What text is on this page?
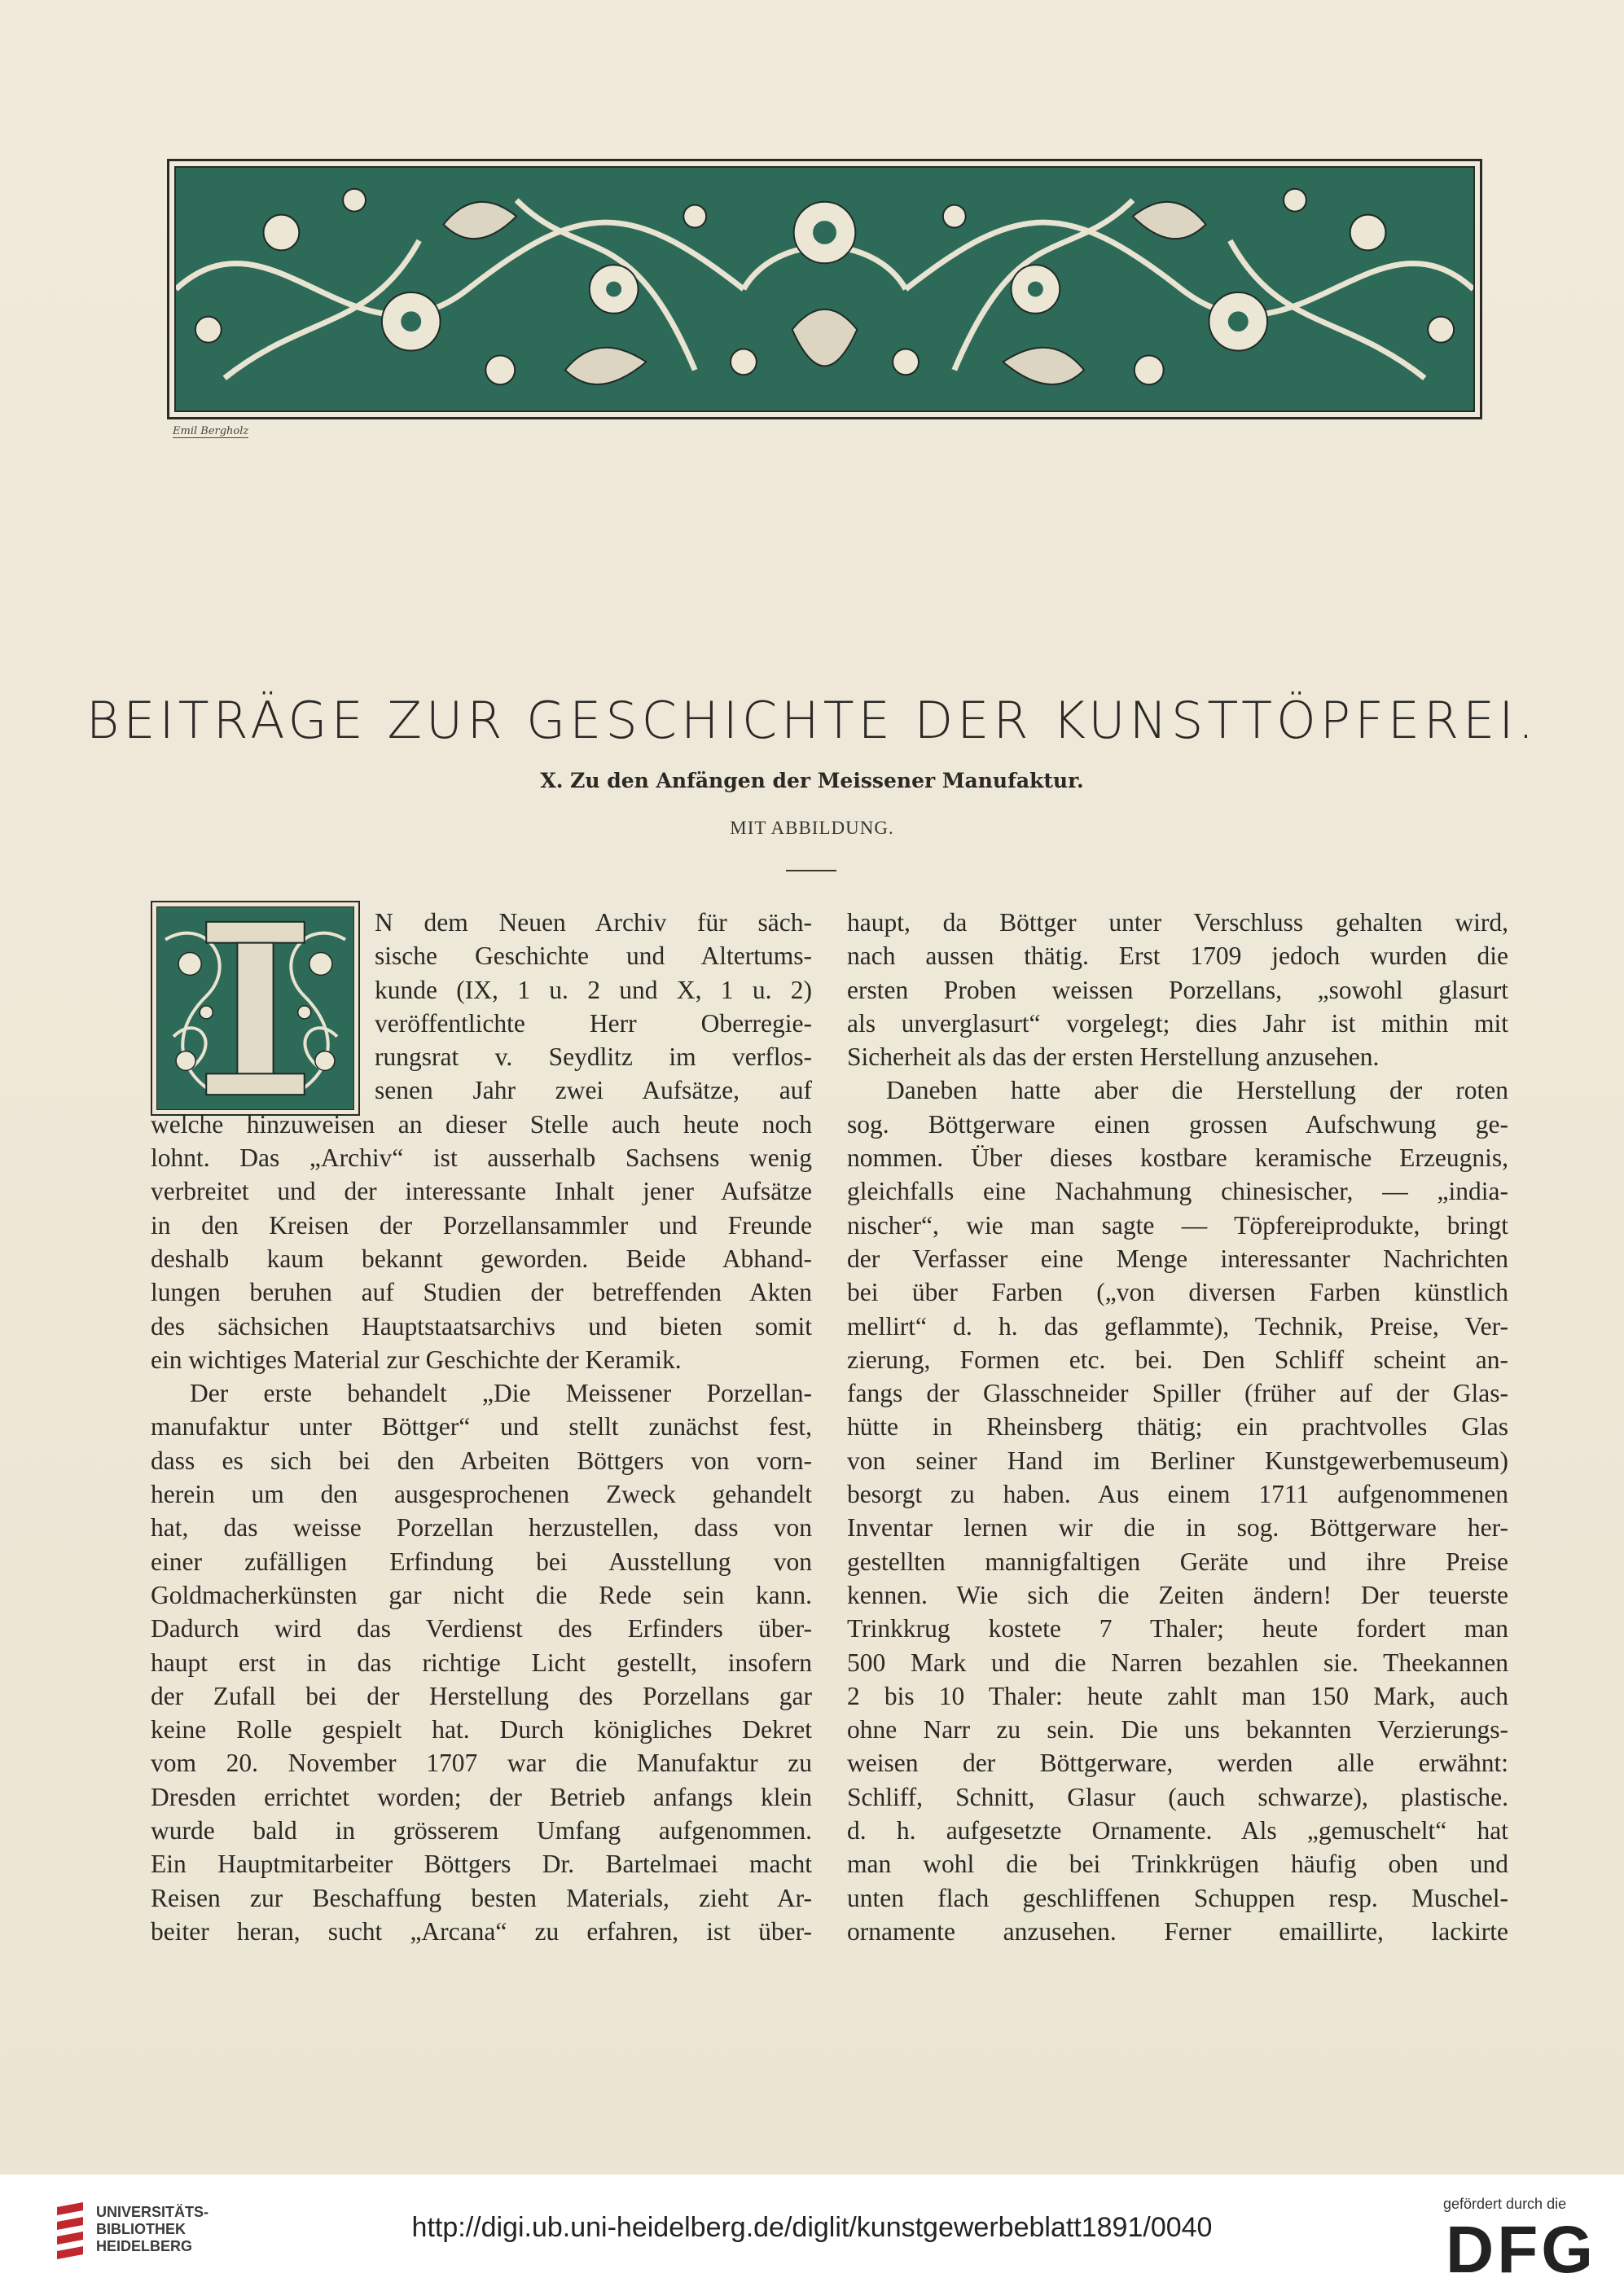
Emil Bergholz
BEITRÄGE ZUR GESCHICHTE DER KUNSTTÖPFEREI.
X. Zu den Anfängen der Meissener Manufaktur.
MIT ABBILDUNG.
N dem Neuen Archiv für säch-
sische Geschichte und Altertums-
kunde (IX, 1 u. 2 und X, 1 u. 2)
veröffentlichte Herr Oberregie-
rungsrat v. Seydlitz im verflos-
senen Jahr zwei Aufsätze, auf
welche hinzuweisen an dieser Stelle auch heute noch
lohnt. Das „Archiv“ ist ausserhalb Sachsens wenig
verbreitet und der interessante Inhalt jener Aufsätze
in den Kreisen der Porzellansammler und Freunde
deshalb kaum bekannt geworden. Beide Abhand-
lungen beruhen auf Studien der betreffenden Akten
des sächsichen Hauptstaatsarchivs und bieten somit
ein wichtiges Material zur Geschichte der Keramik.
Der erste behandelt „Die Meissener Porzellan-
manufaktur unter Böttger“ und stellt zunächst fest,
dass es sich bei den Arbeiten Böttgers von vorn-
herein um den ausgesprochenen Zweck gehandelt
hat, das weisse Porzellan herzustellen, dass von
einer zufälligen Erfindung bei Ausstellung von
Goldmacherkünsten gar nicht die Rede sein kann.
Dadurch wird das Verdienst des Erfinders über-
haupt erst in das richtige Licht gestellt, insofern
der Zufall bei der Herstellung des Porzellans gar
keine Rolle gespielt hat. Durch königliches Dekret
vom 20. November 1707 war die Manufaktur zu
Dresden errichtet worden; der Betrieb anfangs klein
wurde bald in grösserem Umfang aufgenommen.
Ein Hauptmitarbeiter Böttgers Dr. Bartelmaei macht
Reisen zur Beschaffung besten Materials, zieht Ar-
beiter heran, sucht „Arcana“ zu erfahren, ist über-
haupt, da Böttger unter Verschluss gehalten wird,
nach aussen thätig. Erst 1709 jedoch wurden die
ersten Proben weissen Porzellans, „sowohl glasurt
als unverglasurt“ vorgelegt; dies Jahr ist mithin mit
Sicherheit als das der ersten Herstellung anzusehen.
Daneben hatte aber die Herstellung der roten
sog. Böttgerware einen grossen Aufschwung ge-
nommen. Über dieses kostbare keramische Erzeugnis,
gleichfalls eine Nachahmung chinesischer, — „india-
nischer“, wie man sagte — Töpfereiprodukte, bringt
der Verfasser eine Menge interessanter Nachrichten
bei über Farben („von diversen Farben künstlich
mellirt“ d. h. das geflammte), Technik, Preise, Ver-
zierung, Formen etc. bei. Den Schliff scheint an-
fangs der Glasschneider Spiller (früher auf der Glas-
hütte in Rheinsberg thätig; ein prachtvolles Glas
von seiner Hand im Berliner Kunstgewerbemuseum)
besorgt zu haben. Aus einem 1711 aufgenommenen
Inventar lernen wir die in sog. Böttgerware her-
gestellten mannigfaltigen Geräte und ihre Preise
kennen. Wie sich die Zeiten ändern! Der teuerste
Trinkkrug kostete 7 Thaler; heute fordert man
500 Mark und die Narren bezahlen sie. Theekannen
2 bis 10 Thaler: heute zahlt man 150 Mark, auch
ohne Narr zu sein. Die uns bekannten Verzierungs-
weisen der Böttgerware, werden alle erwähnt:
Schliff, Schnitt, Glasur (auch schwarze), plastische.
d. h. aufgesetzte Ornamente. Als „gemuschelt“ hat
man wohl die bei Trinkkrügen häufig oben und
unten flach geschliffenen Schuppen resp. Muschel-
ornamente anzusehen. Ferner emaillirte, lackirte
UNIVERSITÄTS-
BIBLIOTHEK
HEIDELBERG
http://digi.ub.uni-heidelberg.de/diglit/kunstgewerbeblatt1891/0040
gefördert durch die
DFG
